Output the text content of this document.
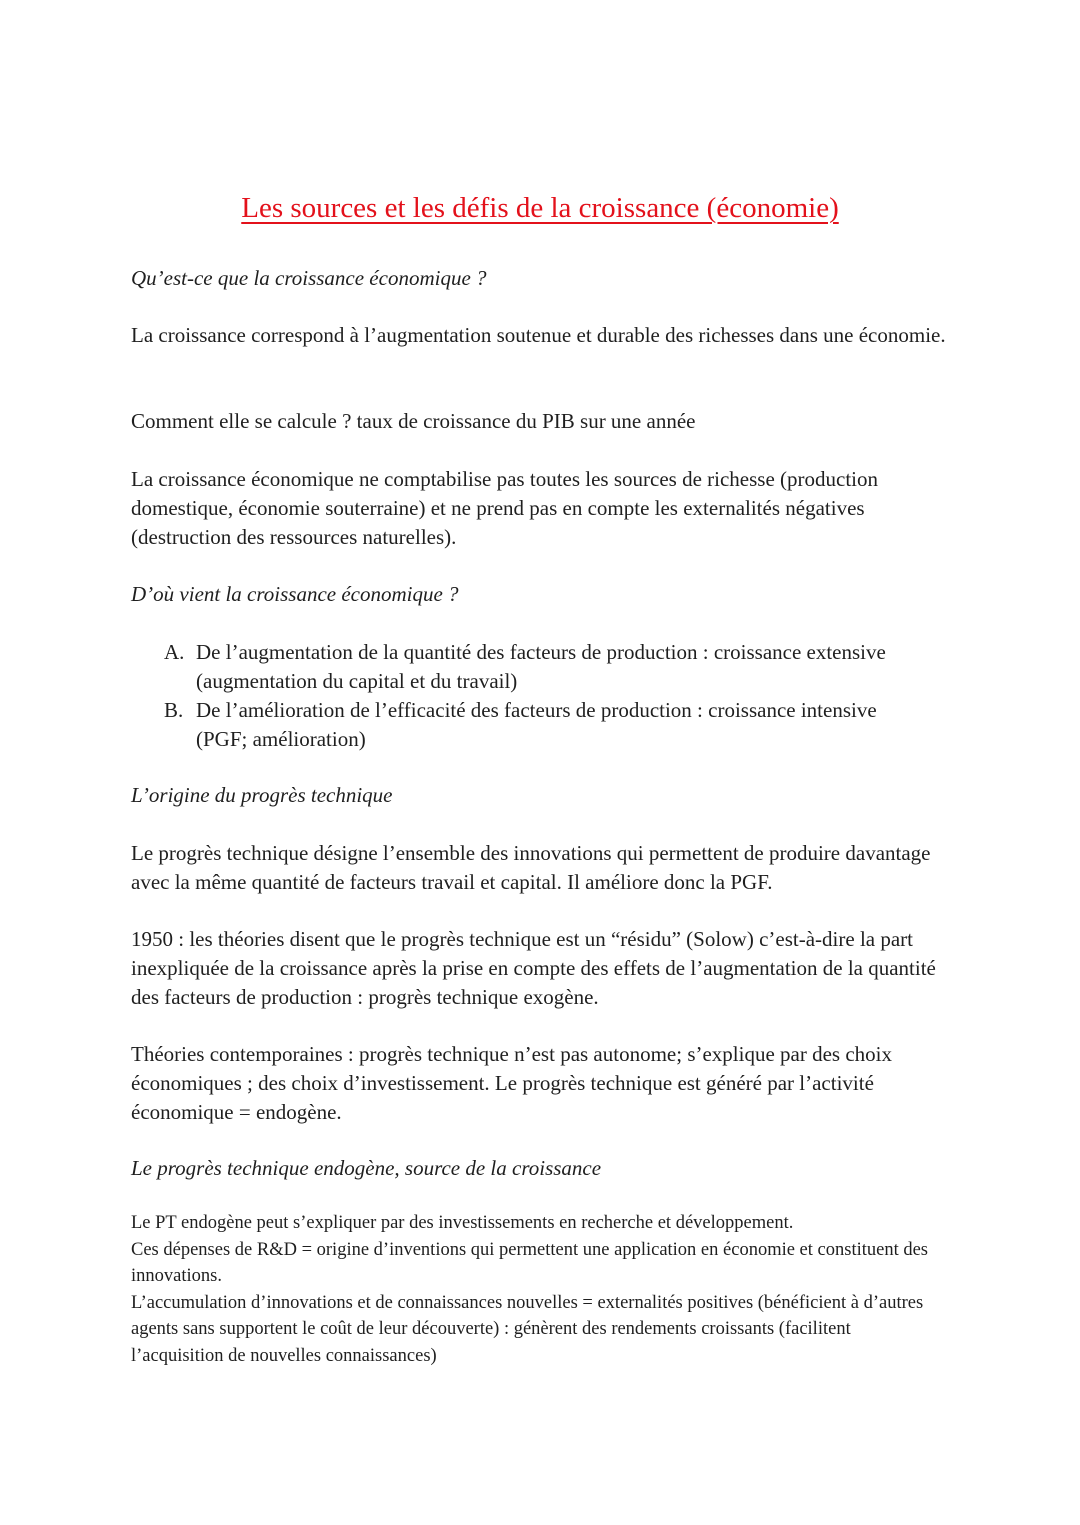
Les sources et les défis de la croissance (économie)

Qu’est-ce que la croissance économique ?

La croissance correspond à l’augmentation soutenue et durable des richesses dans une économie.

Comment elle se calcule ? taux de croissance du PIB sur une année

La croissance économique ne comptabilise pas toutes les sources de richesse (production domestique, économie souterraine) et ne prend pas en compte les externalités négatives (destruction des ressources naturelles).

D’où vient la croissance économique ?

A. De l’augmentation de la quantité des facteurs de production : croissance extensive (augmentation du capital et du travail)
B. De l’amélioration de l’efficacité des facteurs de production : croissance intensive (PGF; amélioration)

L’origine du progrès technique

Le progrès technique désigne l’ensemble des innovations qui permettent de produire davantage avec la même quantité de facteurs travail et capital. Il améliore donc la PGF.

1950 : les théories disent que le progrès technique est un “résidu” (Solow) c’est-à-dire la part inexpliquée de la croissance après la prise en compte des effets de l’augmentation de la quantité des facteurs de production : progrès technique exogène.

Théories contemporaines : progrès technique n’est pas autonome; s’explique par des choix économiques ; des choix d’investissement. Le progrès technique est généré par l’activité économique = endogène.

Le progrès technique endogène, source de la croissance

Le PT endogène peut s’expliquer par des investissements en recherche et développement.
Ces dépenses de R&D = origine d’inventions qui permettent une application en économie et constituent des innovations.
L’accumulation d’innovations et de connaissances nouvelles = externalités positives (bénéficient à d’autres agents sans supportent le coût de leur découverte) : génèrent des rendements croissants (facilitent l’acquisition de nouvelles connaissances)
